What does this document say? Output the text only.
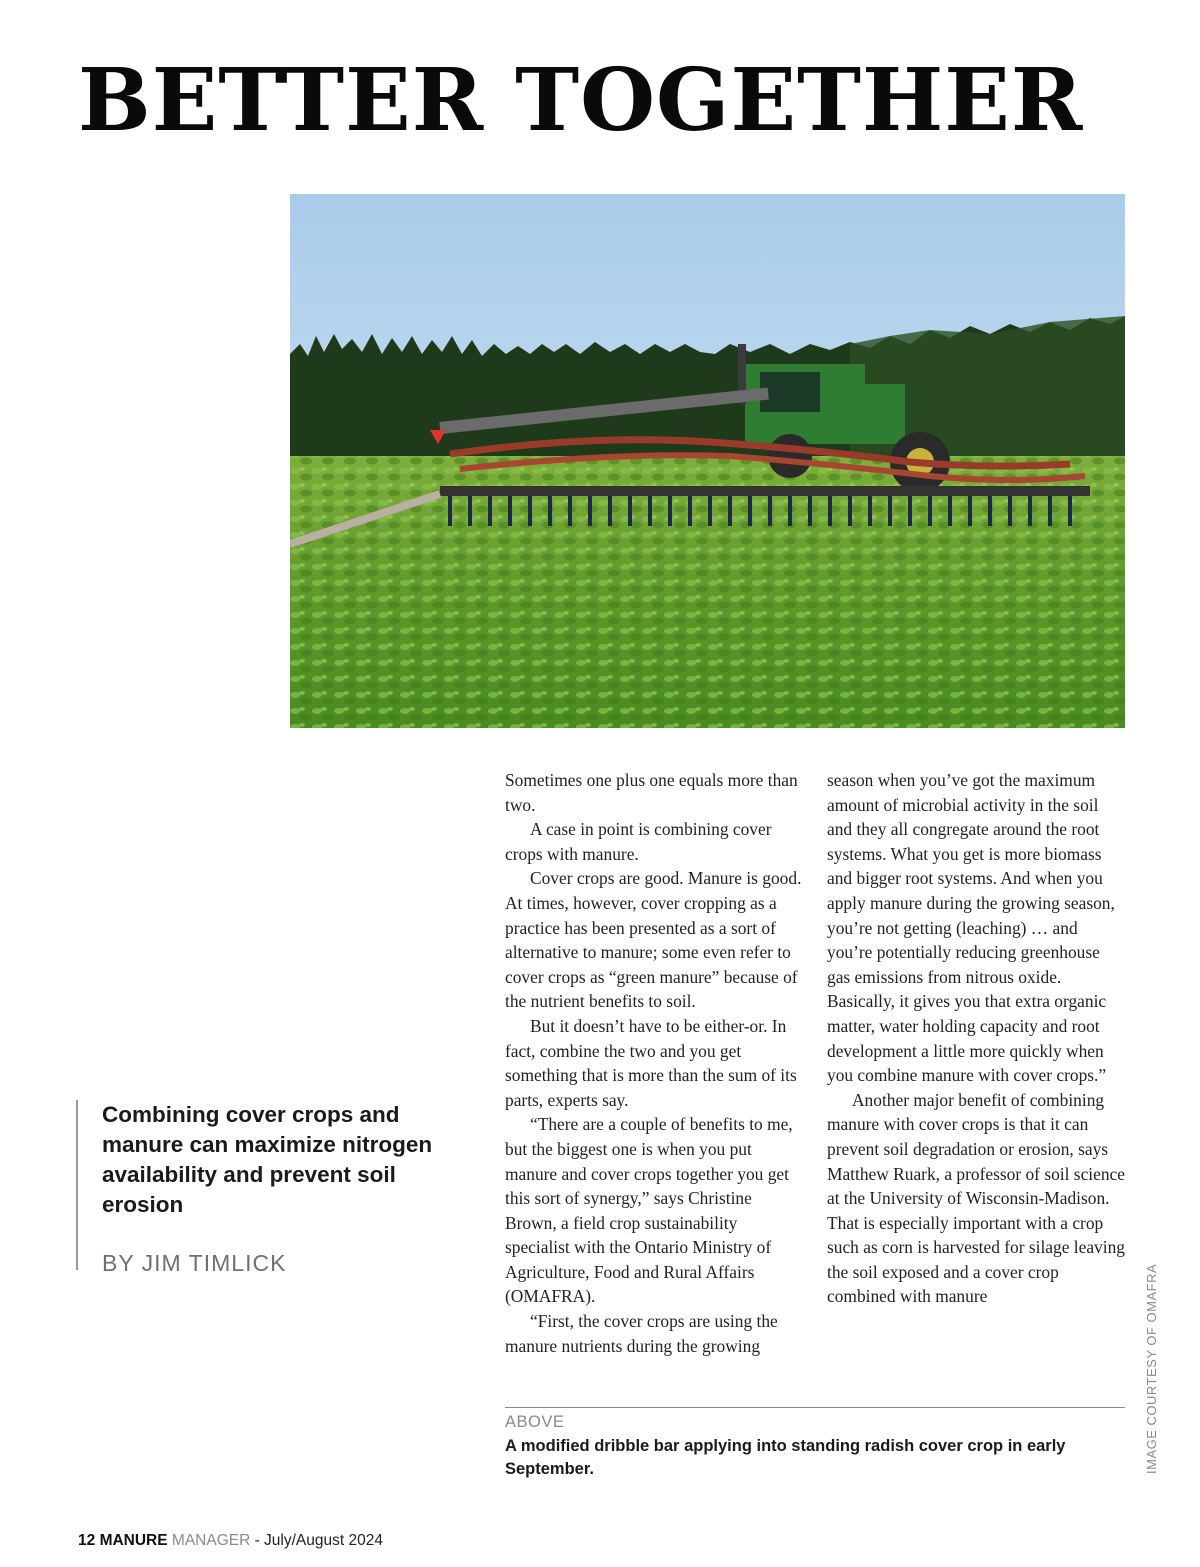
BETTER TOGETHER

Combining cover crops and manure can maximize nitrogen availability and prevent soil erosion

BY JIM TIMLICK

Sometimes one plus one equals more than two.

A case in point is combining cover crops with manure.

Cover crops are good. Manure is good. At times, however, cover cropping as a practice has been presented as a sort of alternative to manure; some even refer to cover crops as “green manure” because of the nutrient benefits to soil.

But it doesn’t have to be either-or. In fact, combine the two and you get something that is more than the sum of its parts, experts say.

“There are a couple of benefits to me, but the biggest one is when you put manure and cover crops together you get this sort of synergy,” says Christine Brown, a field crop sustainability specialist with the Ontario Ministry of Agriculture, Food and Rural Affairs (OMAFRA).

“First, the cover crops are using the manure nutrients during the growing

season when you’ve got the maximum amount of microbial activity in the soil and they all congregate around the root systems. What you get is more biomass and bigger root systems. And when you apply manure during the growing season, you’re not getting (leaching) … and you’re potentially reducing greenhouse gas emissions from nitrous oxide. Basically, it gives you that extra organic matter, water holding capacity and root development a little more quickly when you combine manure with cover crops.”

Another major benefit of combining manure with cover crops is that it can prevent soil degradation or erosion, says Matthew Ruark, a professor of soil science at the University of Wisconsin-Madison. That is especially important with a crop such as corn is harvested for silage leaving the soil exposed and a cover crop combined with manure

ABOVE
A modified dribble bar applying into standing radish cover crop in early September.	IMAGE COURTESY OF OMAFRA
12 MANURE MANAGER - July/August 2024
